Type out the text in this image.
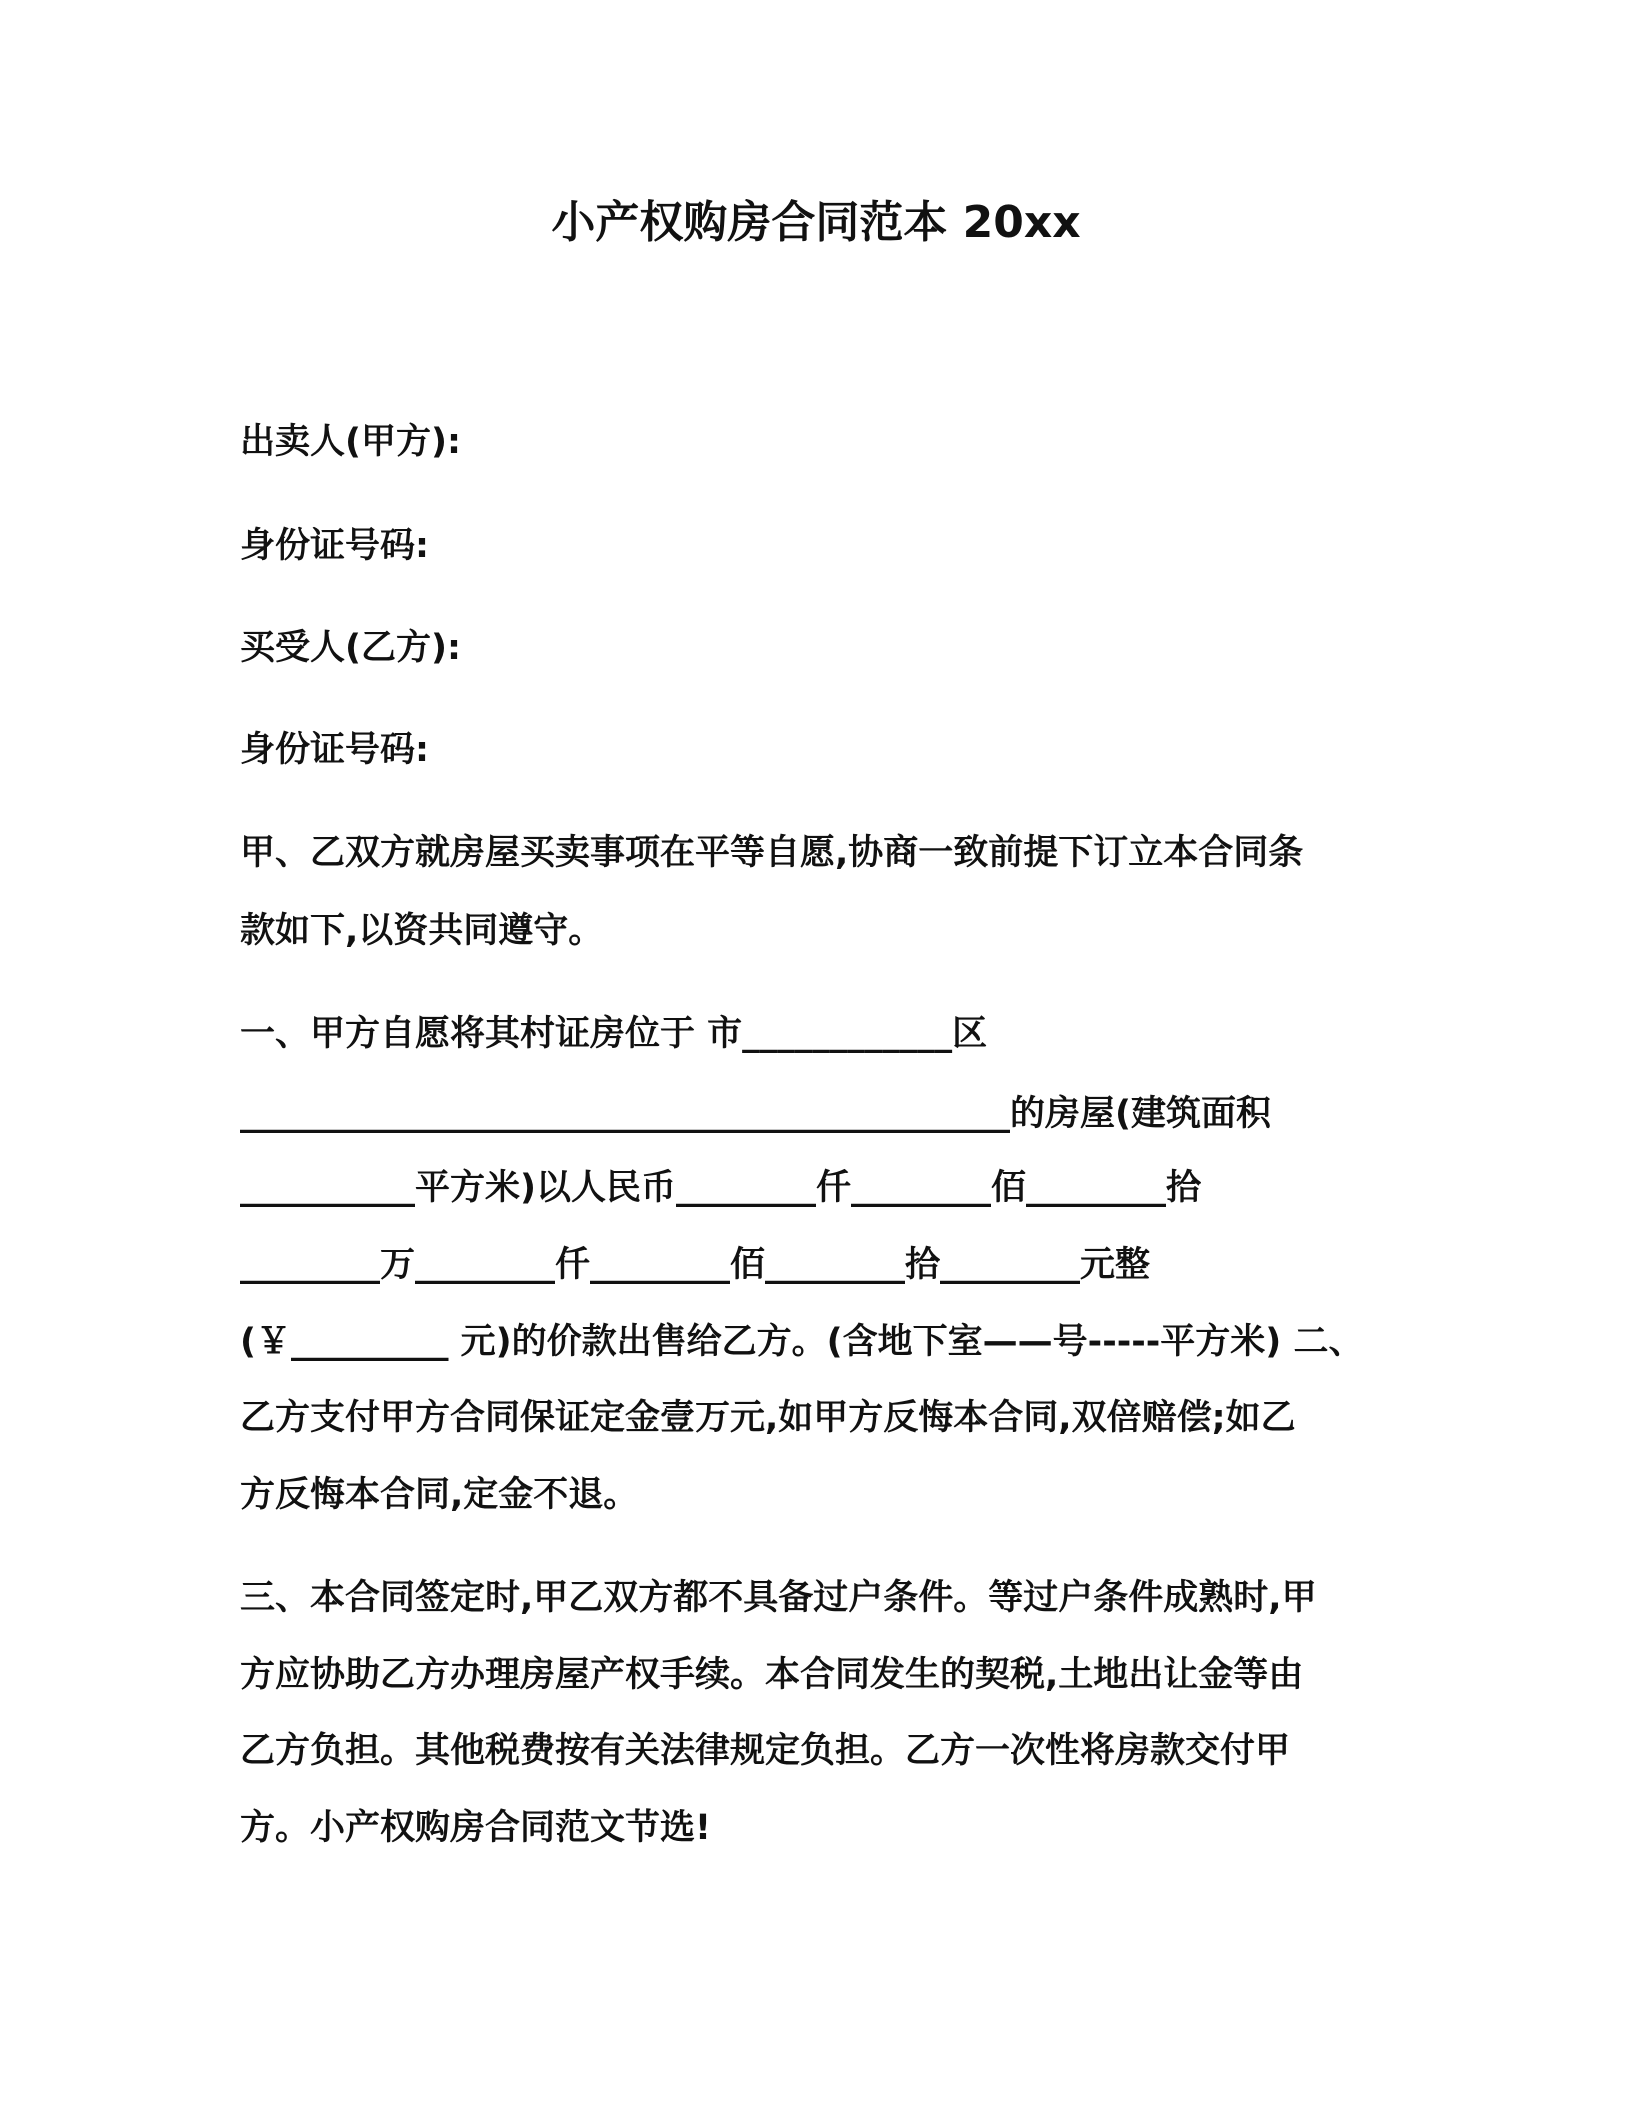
小产权购房合同范本 20xx
出卖人(甲方):
身份证号码:
买受人(乙方):
身份证号码:
甲、乙双方就房屋买卖事项在平等自愿,协商一致前提下订立本合同条
款如下,以资共同遵守。
一、甲方自愿将其村证房位于 市____________区
____________________________________________的房屋(建筑面积
__________平方米)以人民币________仟________佰________拾
________万________仟________佰________拾________元整
(￥_________ 元)的价款出售给乙方。(含地下室——号-----平方米) 二、
乙方支付甲方合同保证定金壹万元,如甲方反悔本合同,双倍赔偿;如乙
方反悔本合同,定金不退。
三、本合同签定时,甲乙双方都不具备过户条件。等过户条件成熟时,甲
方应协助乙方办理房屋产权手续。本合同发生的契税,土地出让金等由
乙方负担。其他税费按有关法律规定负担。乙方一次性将房款交付甲
方。小产权购房合同范文节选!
